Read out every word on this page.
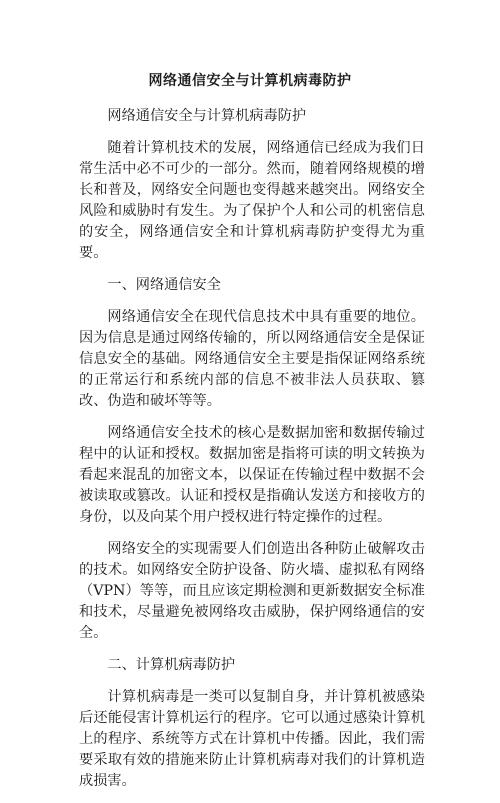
网络通信安全与计算机病毒防护

网络通信安全与计算机病毒防护

随着计算机技术的发展，网络通信已经成为我们日常生活中必不可少的一部分。然而，随着网络规模的增长和普及，网络安全问题也变得越来越突出。网络安全风险和威胁时有发生。为了保护个人和公司的机密信息的安全，网络通信安全和计算机病毒防护变得尤为重要。

一、网络通信安全

网络通信安全在现代信息技术中具有重要的地位。因为信息是通过网络传输的，所以网络通信安全是保证信息安全的基础。网络通信安全主要是指保证网络系统的正常运行和系统内部的信息不被非法人员获取、篡改、伪造和破坏等等。

网络通信安全技术的核心是数据加密和数据传输过程中的认证和授权。数据加密是指将可读的明文转换为看起来混乱的加密文本，以保证在传输过程中数据不会被读取或篡改。认证和授权是指确认发送方和接收方的身份，以及向某个用户授权进行特定操作的过程。

网络安全的实现需要人们创造出各种防止破解攻击的技术。如网络安全防护设备、防火墙、虚拟私有网络（VPN）等等，而且应该定期检测和更新数据安全标准和技术，尽量避免被网络攻击威胁，保护网络通信的安全。

二、计算机病毒防护

计算机病毒是一类可以复制自身，并计算机被感染后还能侵害计算机运行的程序。它可以通过感染计算机上的程序、系统等方式在计算机中传播。因此，我们需要采取有效的措施来防止计算机病毒对我们的计算机造成损害。
